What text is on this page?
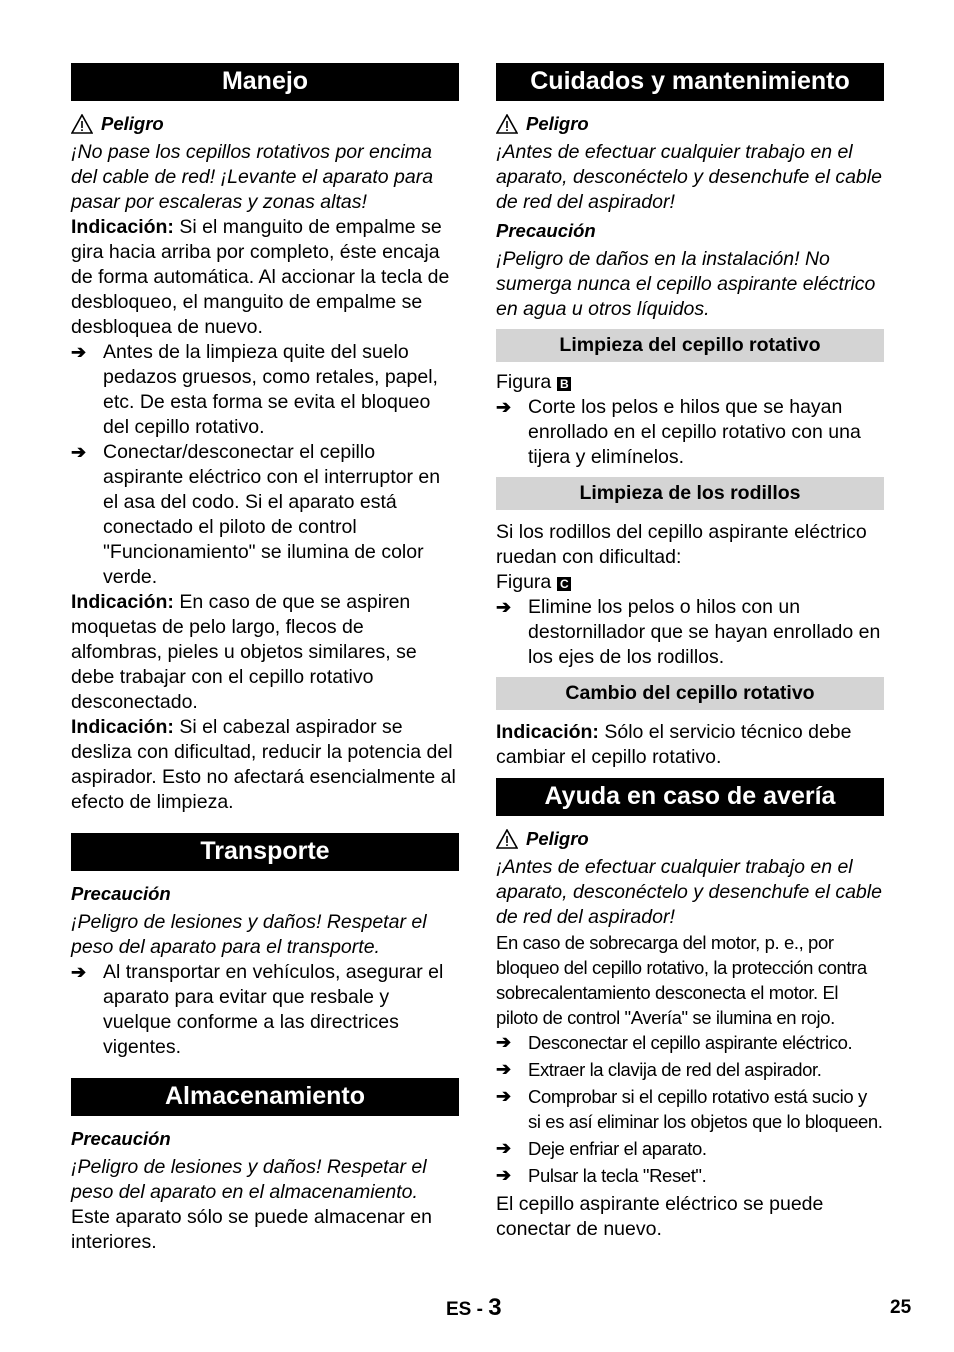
Manejo

Peligro

¡No pase los cepillos rotativos por encima del cable de red! ¡Levante el aparato para pasar por escaleras y zonas altas!

Indicación: Si el manguito de empalme se gira hacia arriba por completo, éste encaja de forma automática. Al accionar la tecla de desbloqueo, el manguito de empalme se desbloquea de nuevo.

➔ Antes de la limpieza quite del suelo pedazos gruesos, como retales, papel, etc. De esta forma se evita el bloqueo del cepillo rotativo.
➔ Conectar/desconectar el cepillo aspirante eléctrico con el interruptor en el asa del codo. Si el aparato está conectado el piloto de control "Funcionamiento" se ilumina de color verde.

Indicación: En caso de que se aspiren moquetas de pelo largo, flecos de alfombras, pieles u objetos similares, se debe trabajar con el cepillo rotativo desconectado.

Indicación: Si el cabezal aspirador se desliza con dificultad, reducir la potencia del aspirador. Esto no afectará esencialmente al efecto de limpieza.

Transporte

Precaución

¡Peligro de lesiones y daños! Respetar el peso del aparato para el transporte.

➔ Al transportar en vehículos, asegurar el aparato para evitar que resbale y vuelque conforme a las directrices vigentes.
Almacenamiento

Precaución

¡Peligro de lesiones y daños! Respetar el peso del aparato en el almacenamiento.

Este aparato sólo se puede almacenar en interiores.

Cuidados y mantenimiento

Peligro

¡Antes de efectuar cualquier trabajo en el aparato, desconéctelo y desenchufe el cable de red del aspirador!

Precaución

¡Peligro de daños en la instalación! No sumerga nunca el cepillo aspirante eléctrico en agua u otros líquidos.

Limpieza del cepillo rotativo

Figura B

➔ Corte los pelos e hilos que se hayan enrollado en el cepillo rotativo con una tijera y elimínelos.
Limpieza de los rodillos

Si los rodillos del cepillo aspirante eléctrico ruedan con dificultad:

Figura C

➔ Elimine los pelos o hilos con un destornillador que se hayan enrollado en los ejes de los rodillos.
Cambio del cepillo rotativo

Indicación: Sólo el servicio técnico debe cambiar el cepillo rotativo.

Ayuda en caso de avería

Peligro

¡Antes de efectuar cualquier trabajo en el aparato, desconéctelo y desenchufe el cable de red del aspirador!

En caso de sobrecarga del motor, p. e., por bloqueo del cepillo rotativo, la protección contra sobrecalentamiento desconecta el motor. El piloto de control "Avería" se ilumina en rojo.

➔ Desconectar el cepillo aspirante eléctrico.
➔ Extraer la clavija de red del aspirador.
➔ Comprobar si el cepillo rotativo está sucio y si es así eliminar los objetos que lo bloqueen.
➔ Deje enfriar el aparato.
➔ Pulsar la tecla "Reset".

El cepillo aspirante eléctrico se puede conectar de nuevo.

ES - 3	25
